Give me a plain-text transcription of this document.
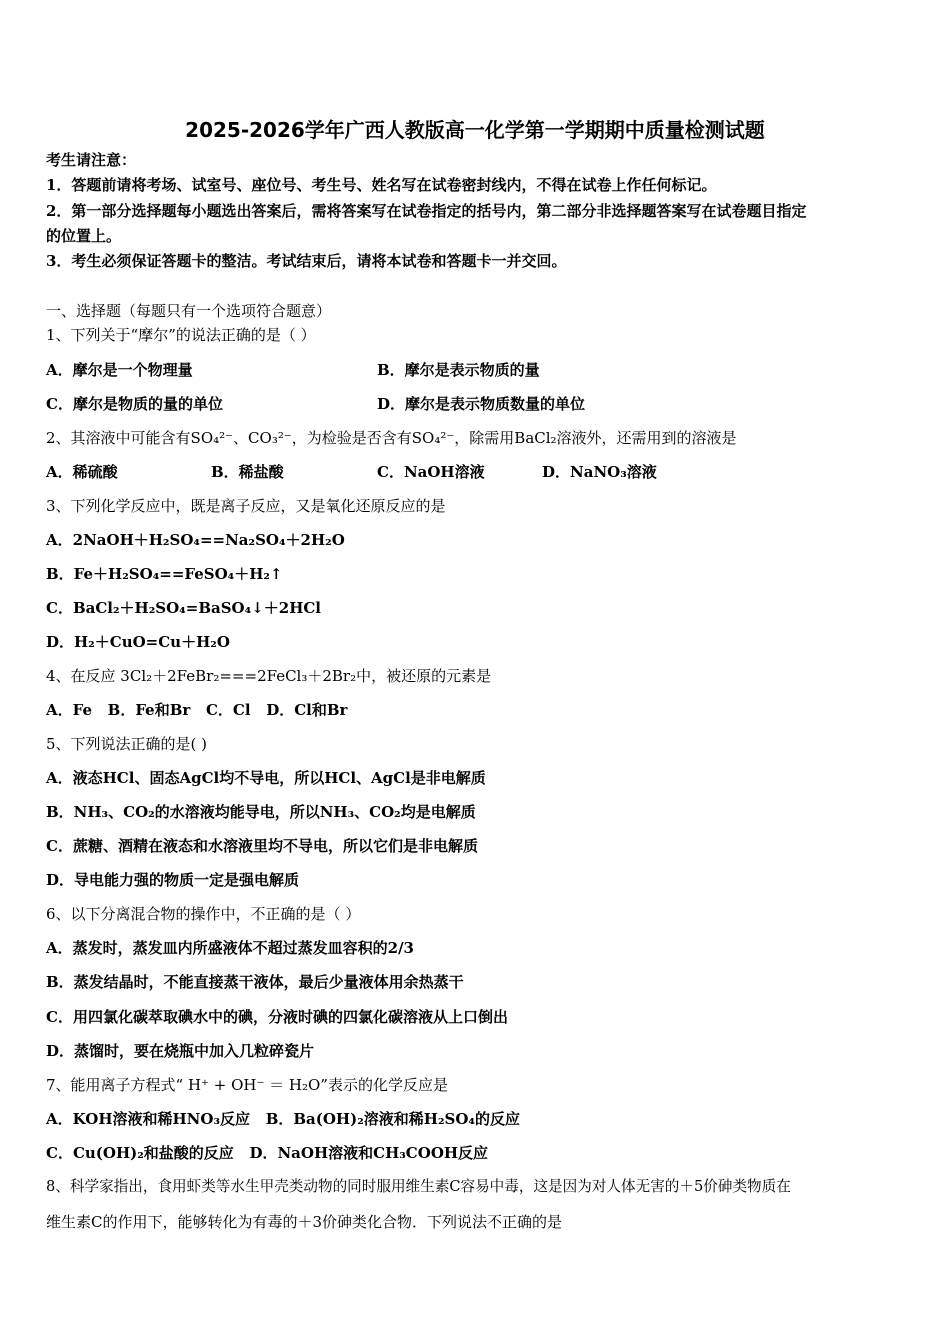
2025-2026学年广西人教版高一化学第一学期期中质量检测试题
考生请注意：
1．答题前请将考场、试室号、座位号、考生号、姓名写在试卷密封线内，不得在试卷上作任何标记。
2．第一部分选择题每小题选出答案后，需将答案写在试卷指定的括号内，第二部分非选择题答案写在试卷题目指定
的位置上。
3．考生必须保证答题卡的整洁。考试结束后，请将本试卷和答题卡一并交回。
一、选择题（每题只有一个选项符合题意）
1、下列关于“摩尔”的说法正确的是（ ）
A．摩尔是一个物理量	B．摩尔是表示物质的量
C．摩尔是物质的量的单位	D．摩尔是表示物质数量的单位
2、其溶液中可能含有SO₄²⁻、CO₃²⁻，为检验是否含有SO₄²⁻，除需用BaCl₂溶液外，还需用到的溶液是
A．稀硫酸	B．稀盐酸	C．NaOH溶液	D．NaNO₃溶液
3、下列化学反应中，既是离子反应，又是氧化还原反应的是
A．2NaOH＋H₂SO₄==Na₂SO₄＋2H₂O
B．Fe＋H₂SO₄==FeSO₄＋H₂↑
C．BaCl₂＋H₂SO₄=BaSO₄↓＋2HCl
D．H₂＋CuO=Cu＋H₂O
4、在反应 3Cl₂＋2FeBr₂===2FeCl₃＋2Br₂中，被还原的元素是
A．Fe   B．Fe和Br   C．Cl   D．Cl和Br
5、下列说法正确的是( )
A．液态HCl、固态AgCl均不导电，所以HCl、AgCl是非电解质
B．NH₃、CO₂的水溶液均能导电，所以NH₃、CO₂均是电解质
C．蔗糖、酒精在液态和水溶液里均不导电，所以它们是非电解质
D．导电能力强的物质一定是强电解质
6、以下分离混合物的操作中，不正确的是（ ）
A．蒸发时，蒸发皿内所盛液体不超过蒸发皿容积的2/3
B．蒸发结晶时，不能直接蒸干液体，最后少量液体用余热蒸干
C．用四氯化碳萃取碘水中的碘，分液时碘的四氯化碳溶液从上口倒出
D．蒸馏时，要在烧瓶中加入几粒碎瓷片
7、能用离子方程式“ H⁺ + OH⁻ ＝ H₂O”表示的化学反应是
A．KOH溶液和稀HNO₃反应   B．Ba(OH)₂溶液和稀H₂SO₄的反应
C．Cu(OH)₂和盐酸的反应   D．NaOH溶液和CH₃COOH反应
8、科学家指出，食用虾类等水生甲壳类动物的同时服用维生素C容易中毒，这是因为对人体无害的＋5价砷类物质在
维生素C的作用下，能够转化为有毒的＋3价砷类化合物．下列说法不正确的是
